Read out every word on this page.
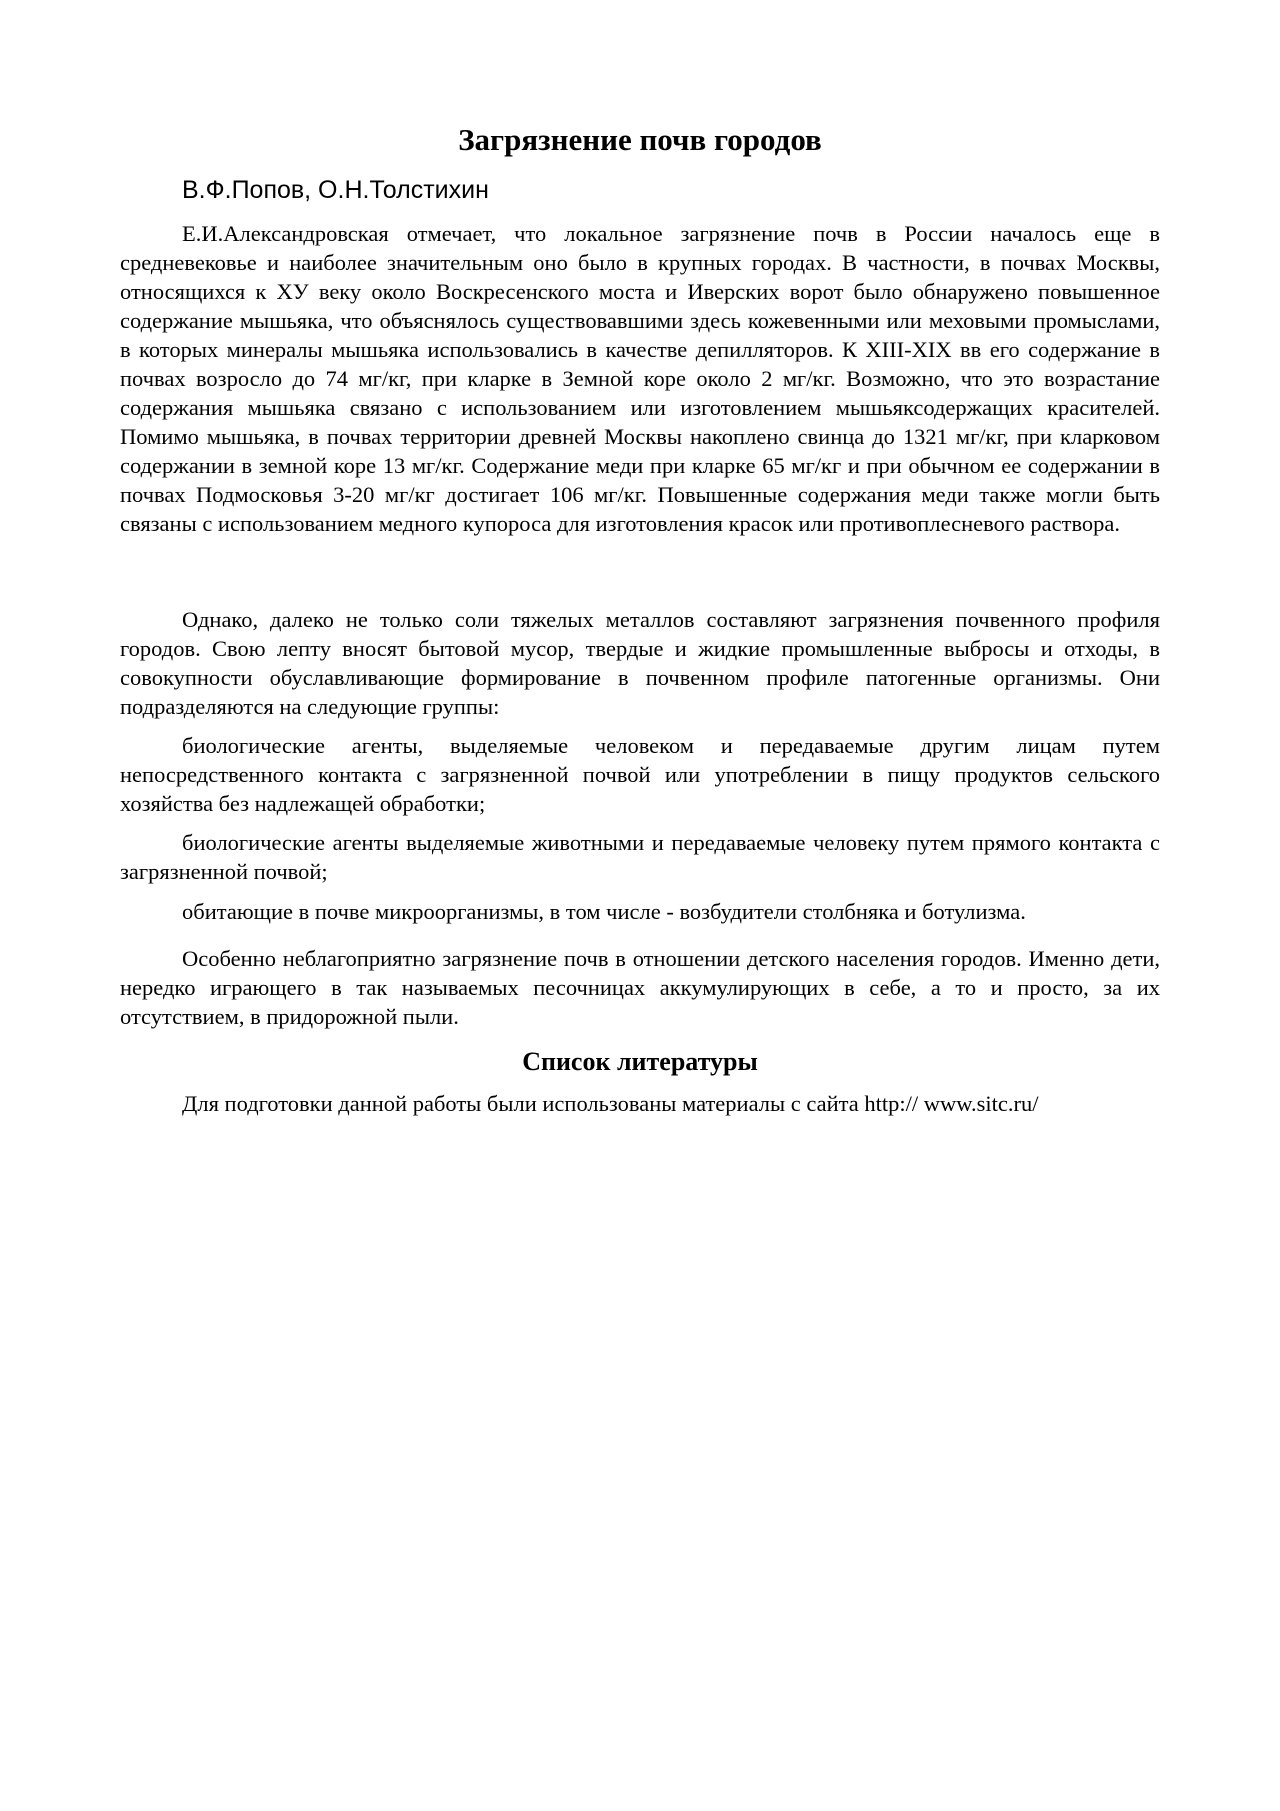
Загрязнение почв городов

В.Ф.Попов, О.Н.Толстихин

Е.И.Александровская отмечает, что локальное загрязнение почв в России началось еще в средневековье и наиболее значительным оно было в крупных городах. В частности, в почвах Москвы, относящихся к ХУ веку около Воскресенского моста и Иверских ворот было обнаружено повышенное содержание мышьяка, что объяснялось существовавшими здесь кожевенными или меховыми промыслами, в которых минералы мышьяка использовались в качестве депилляторов. К XIII-XIX вв его содержание в почвах возросло до 74 мг/кг, при кларке в Земной коре около 2 мг/кг. Возможно, что это возрастание содержания мышьяка связано с использованием или изготовлением мышьяксодержащих красителей. Помимо мышьяка, в почвах территории древней Москвы накоплено свинца до 1321 мг/кг, при кларковом содержании в земной коре 13 мг/кг. Содержание меди при кларке 65 мг/кг и при обычном ее содержании в почвах Подмосковья 3-20 мг/кг достигает 106 мг/кг. Повышенные содержания меди также могли быть связаны с использованием медного купороса для изготовления красок или противоплесневого раствора.

Однако, далеко не только соли тяжелых металлов составляют загрязнения почвенного профиля городов. Свою лепту вносят бытовой мусор, твердые и жидкие промышленные выбросы и отходы, в совокупности обуславливающие формирование в почвенном профиле патогенные организмы. Они подразделяются на следующие группы:

биологические агенты, выделяемые человеком и передаваемые другим лицам путем непосредственного контакта с загрязненной почвой или употреблении в пищу продуктов сельского хозяйства без надлежащей обработки;

биологические агенты выделяемые животными и передаваемые человеку путем прямого контакта с загрязненной почвой;

обитающие в почве микроорганизмы, в том числе - возбудители столбняка и ботулизма.

Особенно неблагоприятно загрязнение почв в отношении детского населения городов. Именно дети, нередко играющего в так называемых песочницах аккумулирующих в себе, а то и просто, за их отсутствием, в придорожной пыли.

Список литературы

Для подготовки данной работы были использованы материалы с сайта http:// www.sitc.ru/
